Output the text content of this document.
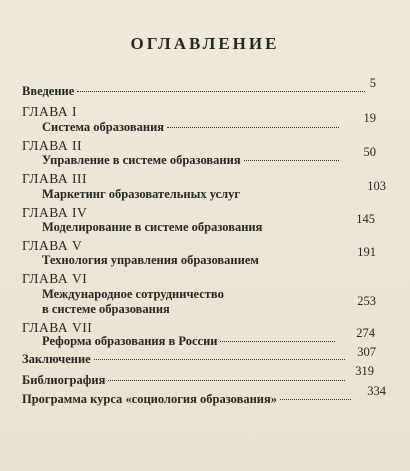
ОГЛАВЛЕНИЕ
Введение
5
ГЛАВА I
Система образования
19
ГЛАВА II
Управление в системе образования
50
ГЛАВА III
Маркетинг образовательных услуг
103
ГЛАВА IV
Моделирование в системе образования
145
ГЛАВА V
Технология управления образованием
191
ГЛАВА VI
Международное сотрудничество
в системе образования
253
ГЛАВА VII
Реформа образования в России
274
Заключение	307
Библиография
319
Программа курса «социология образования»
334
